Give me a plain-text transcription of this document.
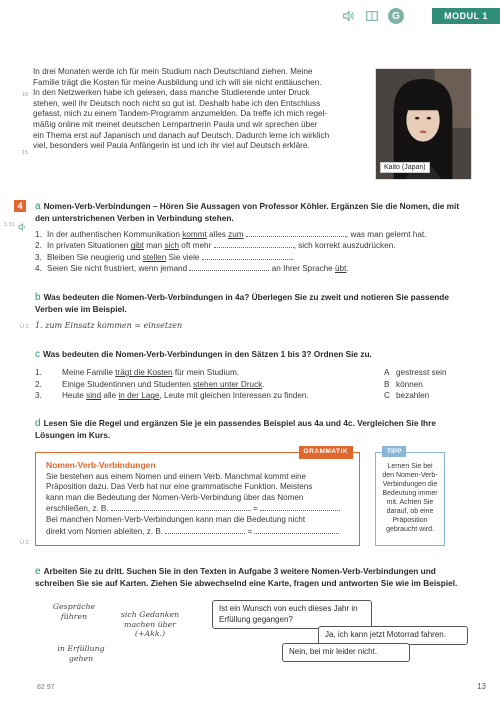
G	MODUL 1
10
15
In drei Monaten werde ich für mein Studium nach Deutschland ziehen. Meine
Familie trägt die Kosten für meine Ausbildung und ich will sie nicht enttäuschen.
In den Netzwerken habe ich gelesen, dass manche Studierende unter Druck
stehen, weil ihr Deutsch noch nicht so gut ist. Deshalb habe ich den Entschluss
gefasst, mich zu einem Tandem-Programm anzumelden. Da treffe ich mich regel-
mäßig online mit meinet deutschen Lernpartnerin Paula und wir sprechen über
ein Thema erst auf Japanisch und danach auf Deutsch. Dadurch lerne ich wirklich
viel, besonders weil Paula Anfängerin ist und ich ihr viel auf Deutsch erkläre.
Kaito (Japan)
4
1.31
a Nomen-Verb-Verbindungen – Hören Sie Aussagen von Professor Köhler. Ergänzen Sie die Nomen, die mit den unterstrichenen Verben in Verbindung stehen.
1. In der authentischen Kommunikation kommt alles zum	, was man gelernt hat.
2. In privaten Situationen gibt man sich oft mehr	, sich korrekt auszudrücken.
3. Bleiben Sie neugierig und stellen Sie viele	.
4. Seien Sie nicht frustriert, wenn jemand	an Ihrer Sprache übt.
b Was bedeuten die Nomen-Verb-Verbindungen in 4a? Überlegen Sie zu zweit und notieren Sie passende Verben wie im Beispiel.
Ü 2 1. zum Einsatz kommen = einsetzen
c Was bedeuten die Nomen-Verb-Verbindungen in den Sätzen 1 bis 3? Ordnen Sie zu.
1.	Meine Familie trägt die Kosten für mein Studium.	A gestresst sein
2.	Einige Studentinnen und Studenten stehen unter Druck.	B können
3.	Heute sind alle in der Lage, Leute mit gleichen Interessen zu finden.	C bezahlen
d Lesen Sie die Regel und ergänzen Sie je ein passendes Beispiel aus 4a und 4c. Vergleichen Sie Ihre Lösungen im Kurs.
Ü 3
GRAMMATIK
Nomen-Verb-Verbindungen
Sie bestehen aus einem Nomen und einem Verb. Manchmal kommt eine
Präposition dazu. Das Verb hat nur eine grammatische Funktion. Meistens
kann man die Bedeutung der Nomen-Verb-Verbindung über das Nomen
erschließen, z. B.	=
Bei manchen Nomen-Verb-Verbindungen kann man die Bedeutung nicht
direkt vom Nomen ableiten, z. B.	=
TIPP
Lernen Sie bei den Nomen-Verb-Verbindungen die Bedeutung immer mit. Achten Sie darauf, ob eine Präposition gebraucht wird.
e Arbeiten Sie zu dritt. Suchen Sie in den Texten in Aufgabe 3 weitere Nomen-Verb-Verbindungen und schreiben Sie sie auf Karten. Ziehen Sie abwechselnd eine Karte, fragen und antworten Sie wie im Beispiel.
Gespräche führen	sich Gedanken machen über (+Akk.)
in Erfüllung gehen
Ist ein Wunsch von euch dieses Jahr in Erfüllung gegangen?
Ja, ich kann jetzt Motorrad fahren.
Nein, bei mir leider nicht.
82 97	13
